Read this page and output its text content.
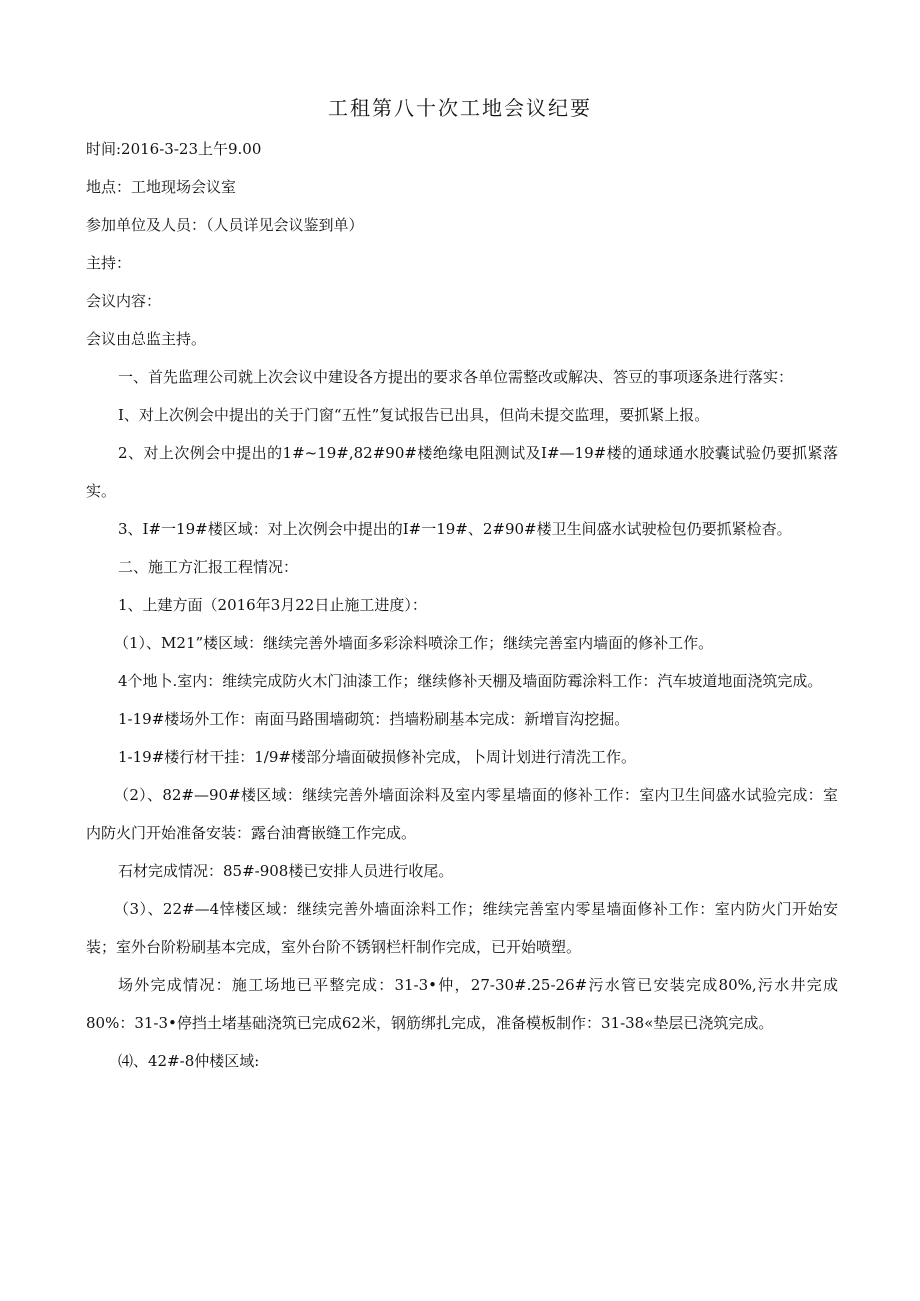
工租第八十次工地会议纪要

时间:2016-3-23上午9.00

地点：工地现场会议室

参加单位及人员：（人员详见会议鉴到单）

主持：

会议内容：

会议由总监主持。

一、首先监理公司就上次会议中建设各方提出的要求各单位需整改或解决、答豆的事项逐条进行落实：

I、对上次例会中提出的关于门窗“五性”复试报告已出具，但尚未提交监理，要抓紧上报。

2、对上次例会中提出的1#~19#,82#90#楼绝缘电阻测试及I#—19#楼的通球通水胶囊试验仍要抓紧落实。

3、I#一19#楼区域：对上次例会中提出的I#一19#、2#90#楼卫生间盛水试驶检包仍要抓紧检杳。

二、施工方汇报工程情况：

1、上建方面（2016年3月22日止施工进度）：

（1）、M21”楼区域：继续完善外墙面多彩涂料喷涂工作；继续完善室内墙面的修补工作。

4个地卜.室内：维续完成防火木门油漆工作；继续修补天棚及墙面防霉涂料工作：汽车坡道地面浇筑完成。

1-19#楼场外工作：南面马路围墙砌筑：挡墙粉刷基本完成：新增盲沟挖掘。

1-19#楼行材干挂：1/9#楼部分墙面破损修补完成，卜周计划进行清洗工作。

（2）、82#—90#楼区域：继续完善外墙面涂料及室内零星墙面的修补工作：室内卫生间盛水试验完成：室内防火门开始准备安装：露台油膏嵌缝工作完成。

石材完成情况：85#-908楼已安排人员进行收尾。

（3）、22#—4悻楼区域：继续完善外墙面涂料工作；维续完善室内零星墙面修补工作：室内防火门开始安装；室外台阶粉刷基本完成，室外台阶不锈钢栏杆制作完成，已开始喷塑。

场外完成情况：施工场地已平整完成：31-3•仲，27-30#.25-26#污水管已安装完成80%,污水井完成80%：31-3•停挡土堵基础浇筑已完成62米，钢筋绑扎完成，准备模板制作：31-38«垫层已浇筑完成。

⑷、42#-8仲楼区域:
